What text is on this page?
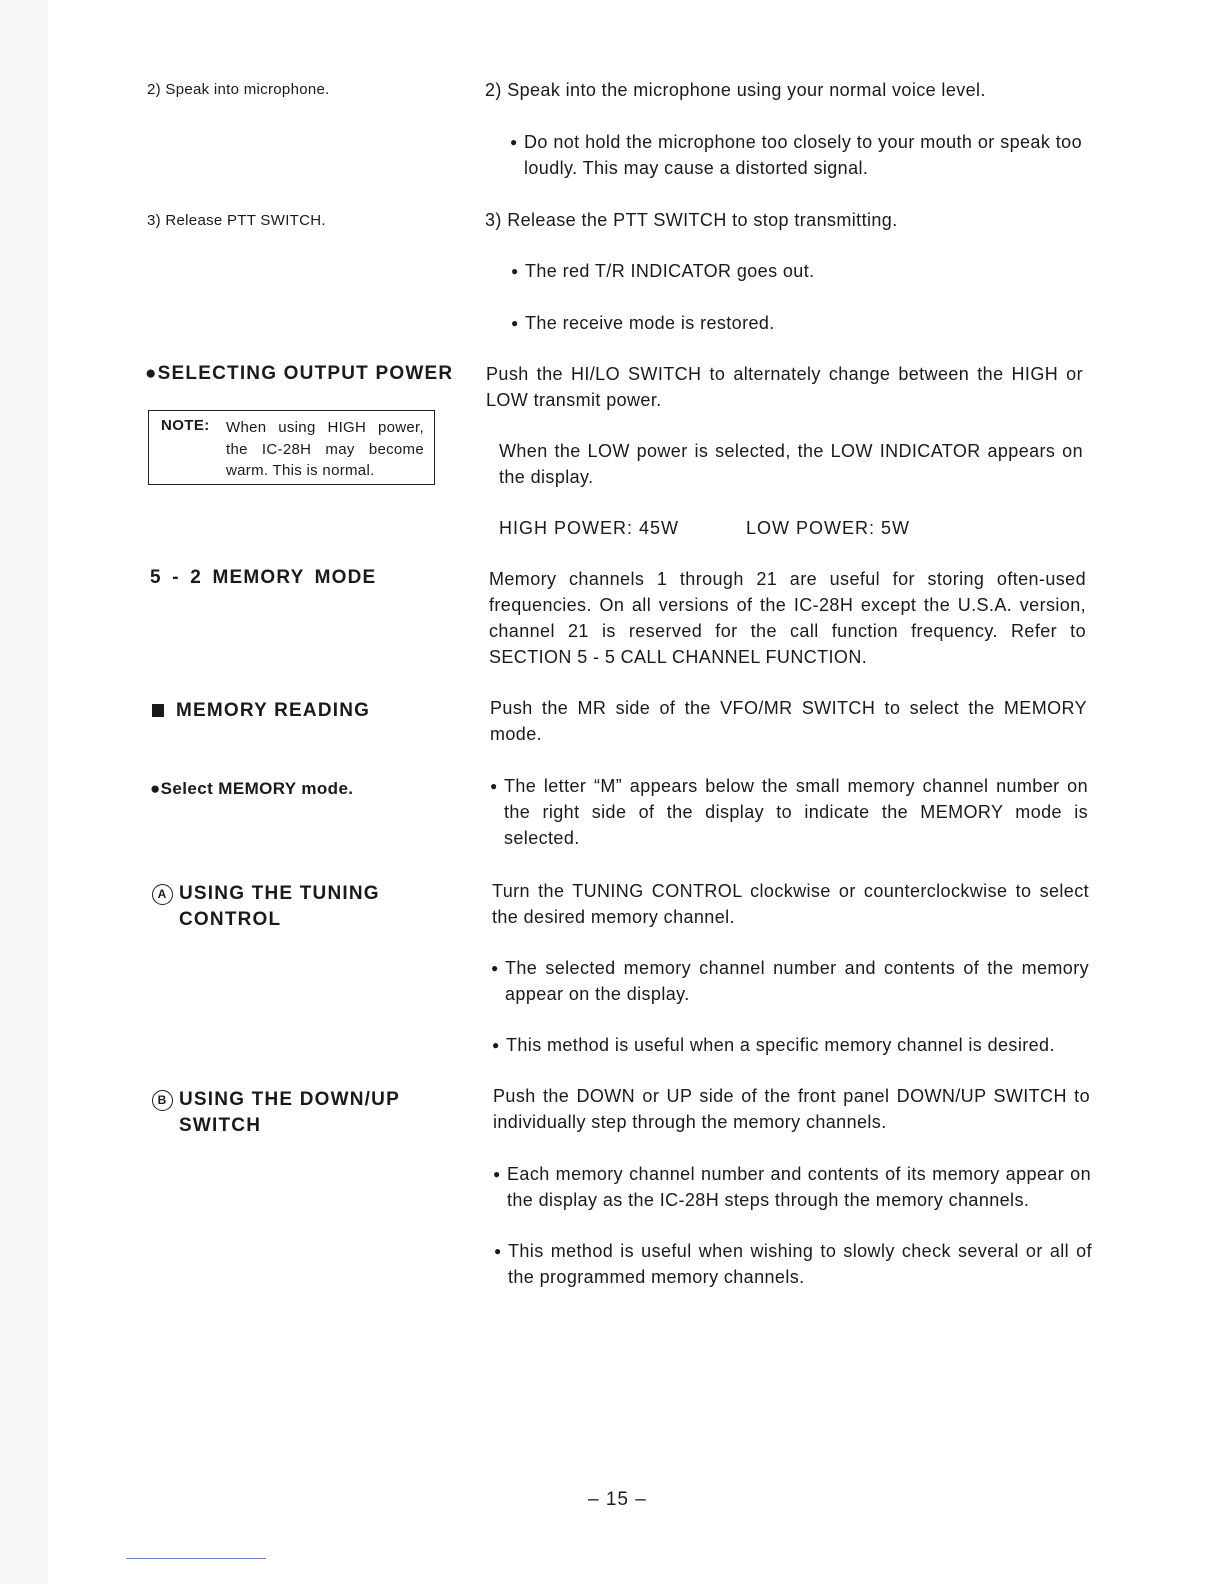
2) Speak into microphone.
3) Release PTT SWITCH.
●SELECTING OUTPUT POWER
NOTE: When using HIGH power, the IC-28H may become warm. This is normal.
5 - 2 MEMORY MODE
MEMORY READING
●Select MEMORY mode.
A USING THE TUNING
CONTROL
B USING THE DOWN/UP
SWITCH
2) Speak into the microphone using your normal voice level.
● Do not hold the microphone too closely to your mouth or speak too loudly. This may cause a distorted signal.
3) Release the PTT SWITCH to stop transmitting.
● The red T/R INDICATOR goes out.
● The receive mode is restored.
Push the HI/LO SWITCH to alternately change between the HIGH or LOW transmit power.
When the LOW power is selected, the LOW INDICATOR appears on the display.
HIGH POWER: 45W	LOW POWER: 5W
Memory channels 1 through 21 are useful for storing often-used frequencies. On all versions of the IC-28H except the U.S.A. version, channel 21 is reserved for the call function frequency. Refer to SECTION 5 - 5 CALL CHANNEL FUNCTION.
Push the MR side of the VFO/MR SWITCH to select the MEMORY mode.
● The letter “M” appears below the small memory channel number on the right side of the display to indicate the MEMORY mode is selected.
Turn the TUNING CONTROL clockwise or counterclockwise to select the desired memory channel.
● The selected memory channel number and contents of the memory appear on the display.
● This method is useful when a specific memory channel is desired.
Push the DOWN or UP side of the front panel DOWN/UP SWITCH to individually step through the memory channels.
● Each memory channel number and contents of its memory appear on the display as the IC-28H steps through the memory channels.
● This method is useful when wishing to slowly check several or all of the programmed memory channels.
– 15 –
